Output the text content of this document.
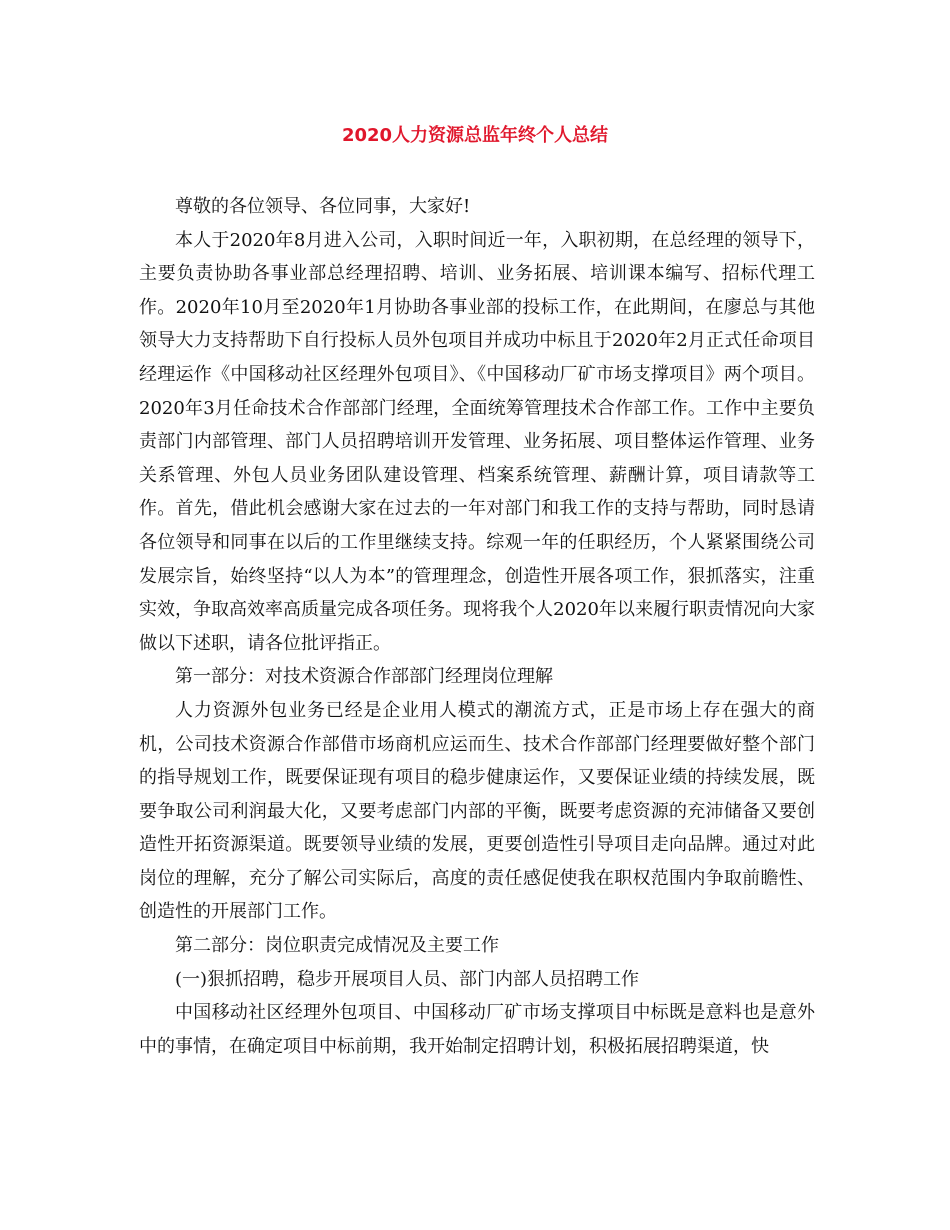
2020人力资源总监年终个人总结

尊敬的各位领导、各位同事，大家好!

本人于2020年8月进入公司，入职时间近一年，入职初期，在总经理的领导下，主要负责协助各事业部总经理招聘、培训、业务拓展、培训课本编写、招标代理工作。2020年10月至2020年1月协助各事业部的投标工作，在此期间，在廖总与其他领导大力支持帮助下自行投标人员外包项目并成功中标且于2020年2月正式任命项目经理运作《中国移动社区经理外包项目》、《中国移动厂矿市场支撑项目》两个项目。2020年3月任命技术合作部部门经理，全面统筹管理技术合作部工作。工作中主要负责部门内部管理、部门人员招聘培训开发管理、业务拓展、项目整体运作管理、业务关系管理、外包人员业务团队建设管理、档案系统管理、薪酬计算，项目请款等工作。首先，借此机会感谢大家在过去的一年对部门和我工作的支持与帮助，同时恳请各位领导和同事在以后的工作里继续支持。综观一年的任职经历，个人紧紧围绕公司发展宗旨，始终坚持“以人为本”的管理理念，创造性开展各项工作，狠抓落实，注重实效，争取高效率高质量完成各项任务。现将我个人2020年以来履行职责情况向大家做以下述职，请各位批评指正。

第一部分：对技术资源合作部部门经理岗位理解

人力资源外包业务已经是企业用人模式的潮流方式，正是市场上存在强大的商机，公司技术资源合作部借市场商机应运而生、技术合作部部门经理要做好整个部门的指导规划工作，既要保证现有项目的稳步健康运作，又要保证业绩的持续发展，既要争取公司利润最大化，又要考虑部门内部的平衡，既要考虑资源的充沛储备又要创造性开拓资源渠道。既要领导业绩的发展，更要创造性引导项目走向品牌。通过对此岗位的理解，充分了解公司实际后，高度的责任感促使我在职权范围内争取前瞻性、创造性的开展部门工作。

第二部分：岗位职责完成情况及主要工作

(一)狠抓招聘，稳步开展项目人员、部门内部人员招聘工作

中国移动社区经理外包项目、中国移动厂矿市场支撑项目中标既是意料也是意外中的事情，在确定项目中标前期，我开始制定招聘计划，积极拓展招聘渠道，快
